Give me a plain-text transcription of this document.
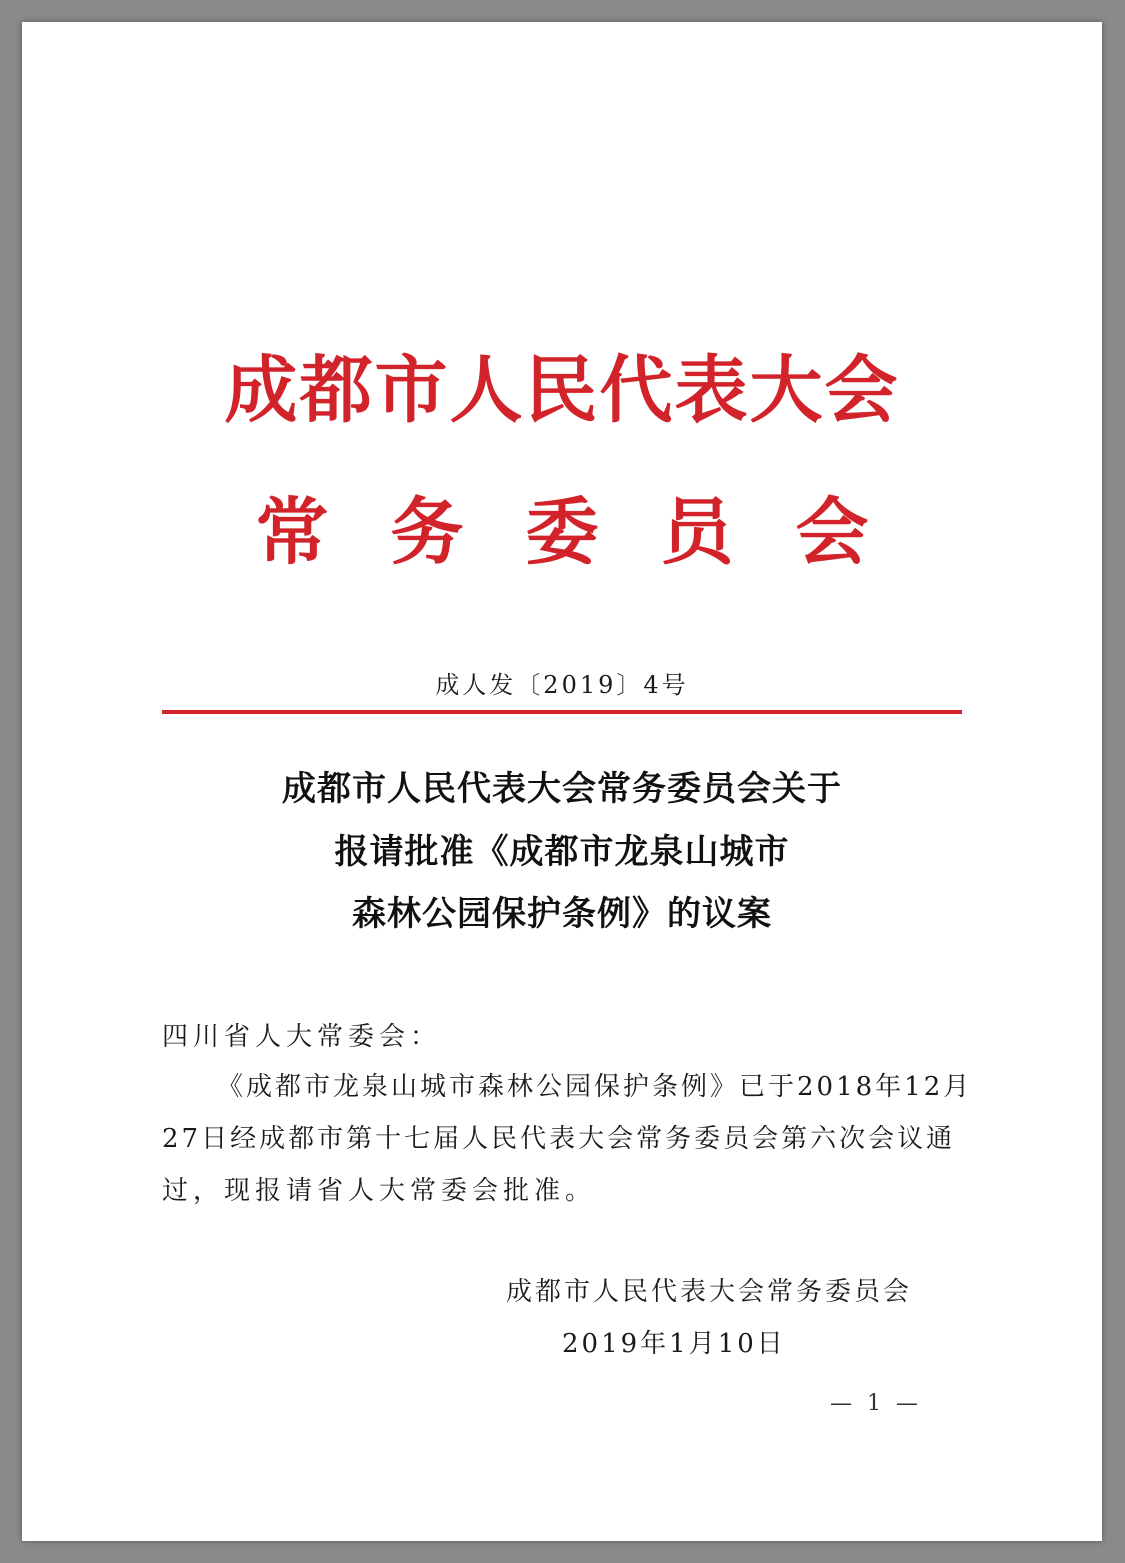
成都市人民代表大会
常务委员会
成人发〔2019〕4号
成都市人民代表大会常务委员会关于
报请批准《成都市龙泉山城市
森林公园保护条例》的议案
四川省人大常委会：
《成都市龙泉山城市森林公园保护条例》已于2018年12月
27日经成都市第十七届人民代表大会常务委员会第六次会议通
过，现报请省人大常委会批准。
成都市人民代表大会常务委员会
2019年1月10日
— 1 —
